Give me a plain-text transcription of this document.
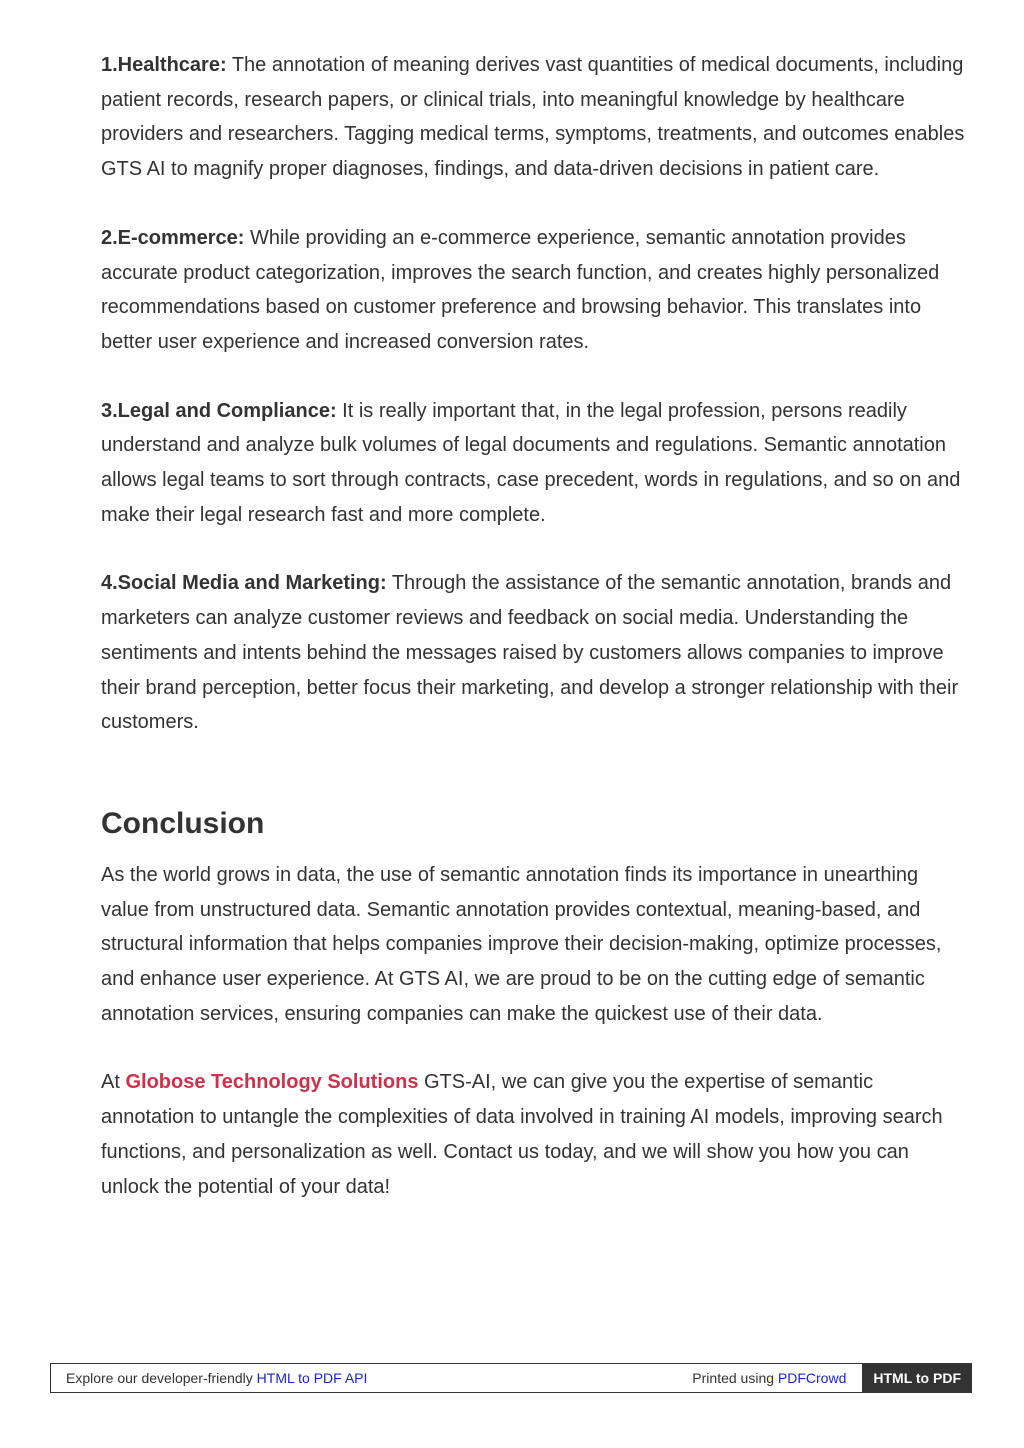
1.Healthcare: The annotation of meaning derives vast quantities of medical documents, including patient records, research papers, or clinical trials, into meaningful knowledge by healthcare providers and researchers. Tagging medical terms, symptoms, treatments, and outcomes enables GTS AI to magnify proper diagnoses, findings, and data-driven decisions in patient care.

2.E-commerce: While providing an e-commerce experience, semantic annotation provides accurate product categorization, improves the search function, and creates highly personalized recommendations based on customer preference and browsing behavior. This translates into better user experience and increased conversion rates.

3.Legal and Compliance: It is really important that, in the legal profession, persons readily understand and analyze bulk volumes of legal documents and regulations. Semantic annotation allows legal teams to sort through contracts, case precedent, words in regulations, and so on and make their legal research fast and more complete.

4.Social Media and Marketing: Through the assistance of the semantic annotation, brands and marketers can analyze customer reviews and feedback on social media. Understanding the sentiments and intents behind the messages raised by customers allows companies to improve their brand perception, better focus their marketing, and develop a stronger relationship with their customers.

Conclusion

As the world grows in data, the use of semantic annotation finds its importance in unearthing value from unstructured data. Semantic annotation provides contextual, meaning-based, and structural information that helps companies improve their decision-making, optimize processes, and enhance user experience. At GTS AI, we are proud to be on the cutting edge of semantic annotation services, ensuring companies can make the quickest use of their data.

At Globose Technology Solutions GTS-AI, we can give you the expertise of semantic annotation to untangle the complexities of data involved in training AI models, improving search functions, and personalization as well. Contact us today, and we will show you how you can unlock the potential of your data!

Explore our developer-friendly HTML to PDF API	Printed using PDFCrowd	HTML to PDF
